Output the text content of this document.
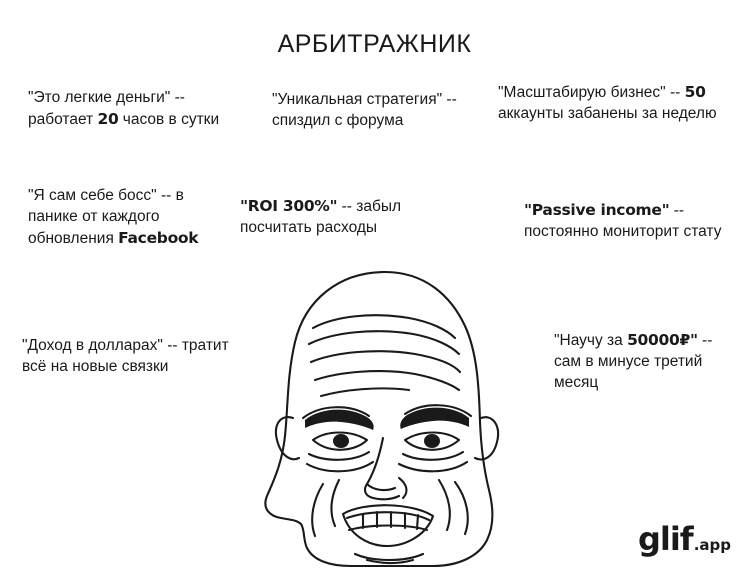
АРБИТРАЖНИК
"Это легкие деньги" -- работает 20 часов в сутки
"Уникальная стратегия" -- спиздил с форума
"Масштабирую бизнес" -- 50 аккаунты забанены за неделю
"Я сам себе босс" -- в панике от каждого обновления Facebook
"ROI 300%" -- забыл посчитать расходы
"Passive income" -- постоянно мониторит стату
"Доход в долларах" -- тратит всё на новые связки
"Научу за 50000₽" -- сам в минусе третий месяц
glif .app
